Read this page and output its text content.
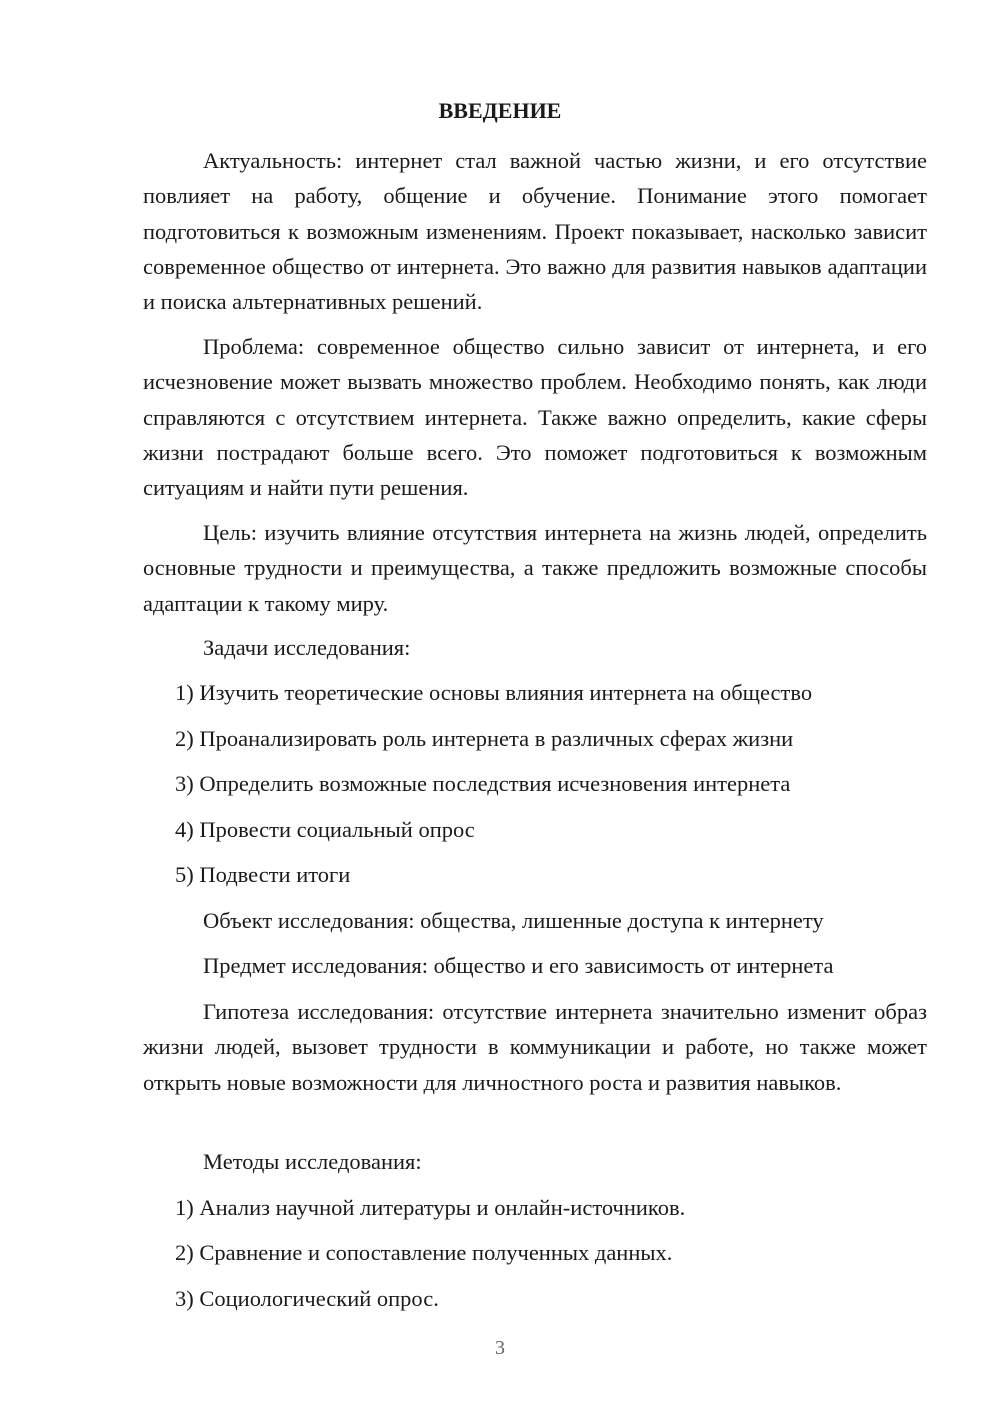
ВВЕДЕНИЕ

Актуальность: интернет стал важной частью жизни, и его отсутствие повлияет на работу, общение и обучение. Понимание этого помогает подготовиться к возможным изменениям. Проект показывает, насколько зависит современное общество от интернета. Это важно для развития навыков адаптации и поиска альтернативных решений.

Проблема: современное общество сильно зависит от интернета, и его исчезновение может вызвать множество проблем. Необходимо понять, как люди справляются с отсутствием интернета. Также важно определить, какие сферы жизни пострадают больше всего. Это поможет подготовиться к возможным ситуациям и найти пути решения.

Цель: изучить влияние отсутствия интернета на жизнь людей, определить основные трудности и преимущества, а также предложить возможные способы адаптации к такому миру.

Задачи исследования:

1) Изучить теоретические основы влияния интернета на общество

2) Проанализировать роль интернета в различных сферах жизни

3) Определить возможные последствия исчезновения интернета

4) Провести социальный опрос

5) Подвести итоги

Объект исследования: общества, лишенные доступа к интернету

Предмет исследования: общество и его зависимость от интернета

Гипотеза исследования: отсутствие интернета значительно изменит образ жизни людей, вызовет трудности в коммуникации и работе, но также может открыть новые возможности для личностного роста и развития навыков.

Методы исследования:

1) Анализ научной литературы и онлайн-источников.

2) Сравнение и сопоставление полученных данных.

3) Социологический опрос.

3
